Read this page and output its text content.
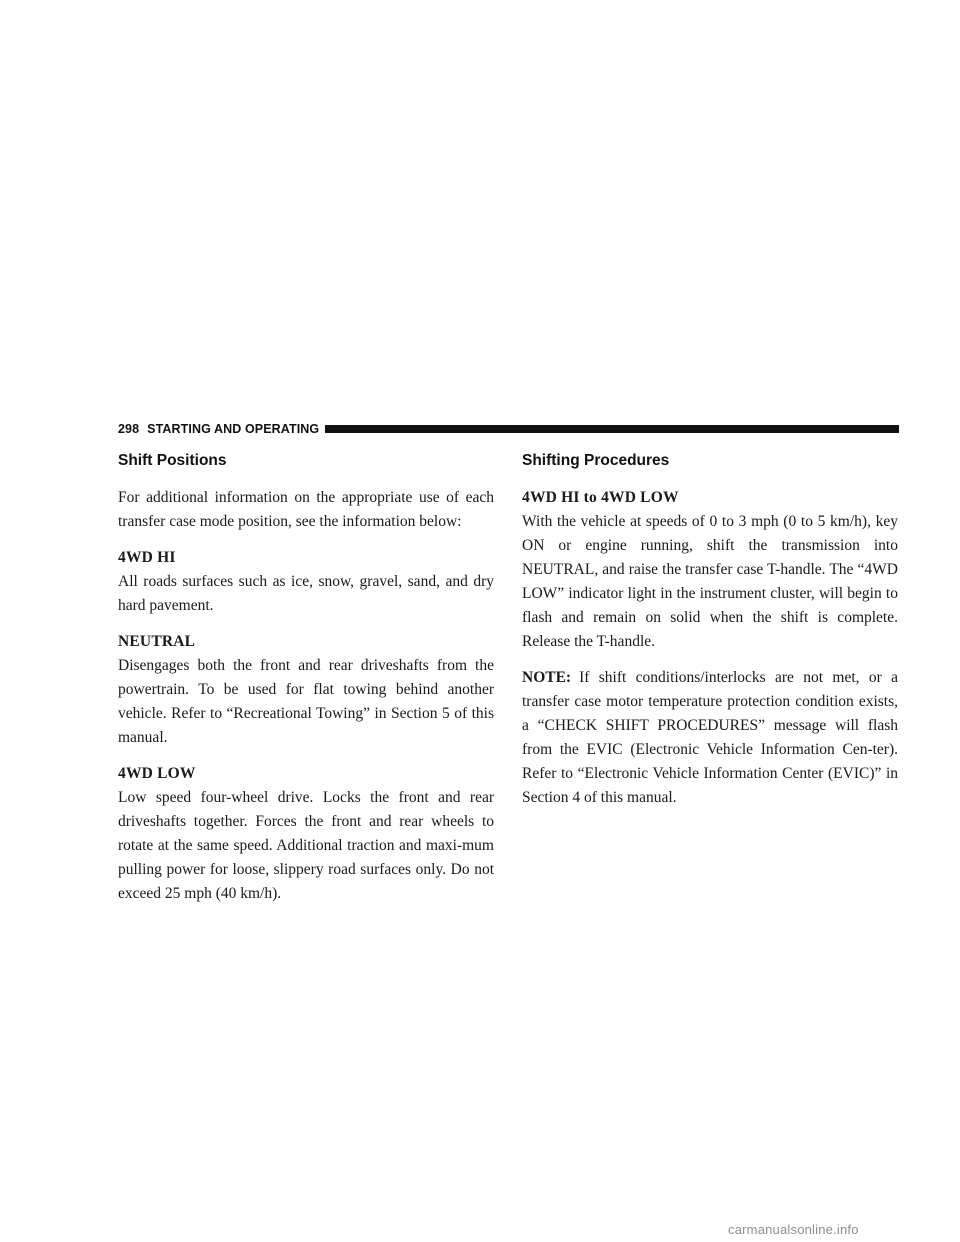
298 STARTING AND OPERATING
Shift Positions

For additional information on the appropriate use of each transfer case mode position, see the information below:

4WD HI

All roads surfaces such as ice, snow, gravel, sand, and dry hard pavement.

NEUTRAL

Disengages both the front and rear driveshafts from the powertrain. To be used for flat towing behind another vehicle. Refer to “Recreational Towing” in Section 5 of this manual.

4WD LOW

Low speed four-wheel drive. Locks the front and rear driveshafts together. Forces the front and rear wheels to rotate at the same speed. Additional traction and maxi-mum pulling power for loose, slippery road surfaces only. Do not exceed 25 mph (40 km/h).

Shifting Procedures
4WD HI to 4WD LOW

With the vehicle at speeds of 0 to 3 mph (0 to 5 km/h), key ON or engine running, shift the transmission into NEUTRAL, and raise the transfer case T-handle. The “4WD LOW” indicator light in the instrument cluster, will begin to flash and remain on solid when the shift is complete. Release the T-handle.

NOTE: If shift conditions/interlocks are not met, or a transfer case motor temperature protection condition exists, a “CHECK SHIFT PROCEDURES” message will flash from the EVIC (Electronic Vehicle Information Cen-ter). Refer to “Electronic Vehicle Information Center (EVIC)” in Section 4 of this manual.

carmanualsonline.info
